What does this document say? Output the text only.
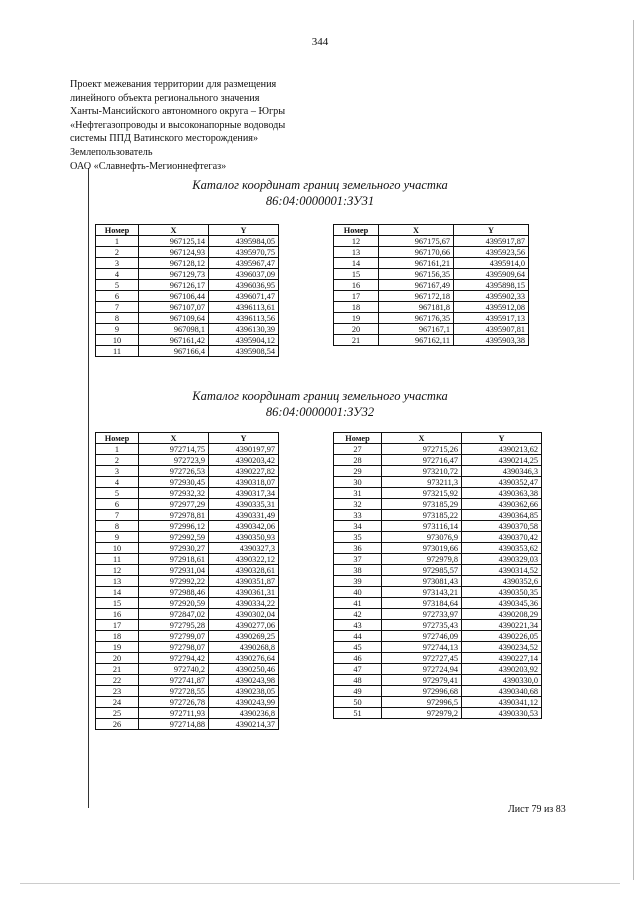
344
Проект межевания территории для размещения
линейного объекта регионального значения
Ханты-Мансийского автономного округа – Югры
«Нефтегазопроводы и высоконапорные водоводы
системы ППД Ватинского месторождения»
Землепользователь
ОАО «Славнефть-Мегионнефтегаз»
Каталог координат границ земельного участка
86:04:0000001:ЗУ31
Номер	X	Y
1	967125,14	4395984,05
2	967124,93	4395970,75
3	967128,12	4395967,47
4	967129,73	4396037,09
5	967126,17	4396036,95
6	967106,44	4396071,47
7	967107,07	4396113,61
8	967109,64	4396113,56
9	967098,1	4396130,39
10	967161,42	4395904,12
11	967166,4	4395908,54
Номер	X	Y
12	967175,67	4395917,87
13	967170,66	4395923,56
14	967161,21	4395914,0
15	967156,35	4395909,64
16	967167,49	4395898,15
17	967172,18	4395902,33
18	967181,8	4395912,08
19	967176,35	4395917,13
20	967167,1	4395907,81
21	967162,11	4395903,38
Каталог координат границ земельного участка
86:04:0000001:ЗУ32
Номер	X	Y
1	972714,75	4390197,97
2	972723,9	4390203,42
3	972726,53	4390227,82
4	972930,45	4390318,07
5	972932,32	4390317,34
6	972977,29	4390335,31
7	972978,81	4390331,49
8	972996,12	4390342,06
9	972992,59	4390350,93
10	972930,27	4390327,3
11	972918,61	4390322,12
12	972931,04	4390328,61
13	972992,22	4390351,87
14	972988,46	4390361,31
15	972920,59	4390334,22
16	972847,02	4390302,04
17	972795,28	4390277,06
18	972799,07	4390269,25
19	972798,07	4390268,8
20	972794,42	4390276,64
21	972740,2	4390250,46
22	972741,87	4390243,98
23	972728,55	4390238,05
24	972726,78	4390243,99
25	972711,93	4390236,8
26	972714,88	4390214,37
Номер	X	Y
27	972715,26	4390213,62
28	972716,47	4390214,25
29	973210,72	4390346,3
30	973211,3	4390352,47
31	973215,92	4390363,38
32	973185,29	4390362,66
33	973185,22	4390364,85
34	973116,14	4390370,58
35	973076,9	4390370,42
36	973019,66	4390353,62
37	972979,8	4390329,03
38	972985,57	4390314,52
39	973081,43	4390352,6
40	973143,21	4390350,35
41	973184,64	4390345,36
42	972733,97	4390208,29
43	972735,43	4390221,34
44	972746,09	4390226,05
45	972744,13	4390234,52
46	972727,45	4390227,14
47	972724,94	4390203,92
48	972979,41	4390330,0
49	972996,68	4390340,68
50	972996,5	4390341,12
51	972979,2	4390330,53
Лист 79 из 83
